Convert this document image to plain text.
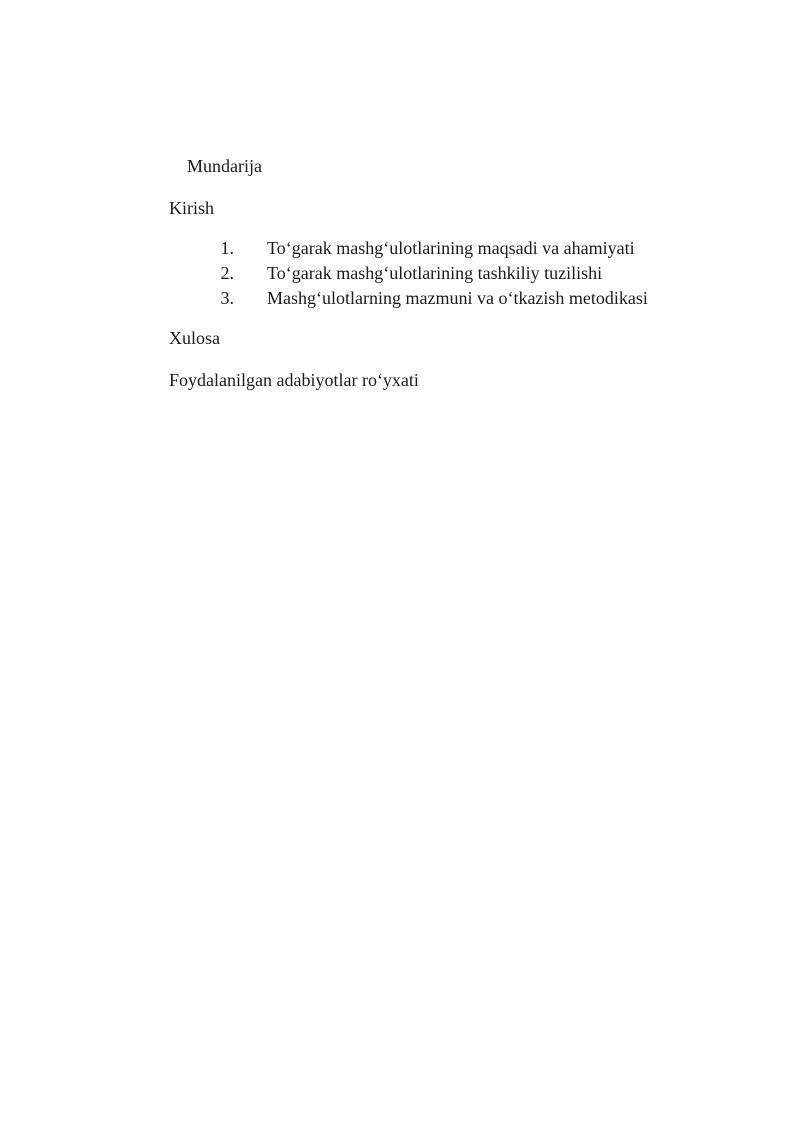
Mundarija
Kirish
1. To‘garak mashg‘ulotlarining maqsadi va ahamiyati
2. To‘garak mashg‘ulotlarining tashkiliy tuzilishi
3. Mashg‘ulotlarning mazmuni va o‘tkazish metodikasi
Xulosa
Foydalanilgan adabiyotlar ro‘yxati
